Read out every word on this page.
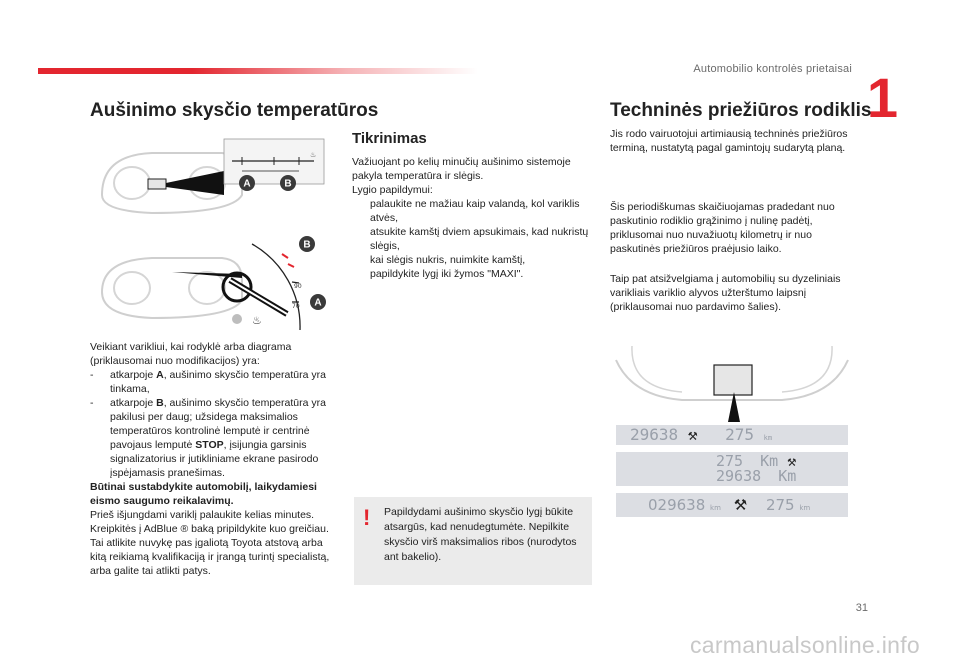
Automobilio kontrolės prietaisai 1
Aušinimo skysčio temperatūros	Techninės priežiūros rodiklis
Tikrinimas
♨
A	B
90
70
♨
B
A
Važiuojant po kelių minučių aušinimo sistemoje pakyla temperatūra ir slėgis.
Lygio papildymui:
palaukite ne mažiau kaip valandą, kol variklis atvės,
atsukite kamštį dviem apsukimais, kad nukristų slėgis,
kai slėgis nukris, nuimkite kamštį,
papildykite lygį iki žymos "MAXI".
Veikiant varikliui, kai rodyklė arba diagrama (priklausomai nuo modifikacijos) yra:
- atkarpoje A, aušinimo skysčio temperatūra yra tinkama,
- atkarpoje B, aušinimo skysčio temperatūra yra pakilusi per daug; užsidega maksimalios temperatūros kontrolinė lemputė ir centrinė pavojaus lemputė STOP, įsijungia garsinis signalizatorius ir jutikliniame ekrane pasirodo įspėjamasis pranešimas.
Būtinai sustabdykite automobilį, laikydamiesi eismo saugumo reikalavimų.
Prieš išjungdami variklį palaukite kelias minutes. Kreipkitės į AdBlue ® baką pripildykite kuo greičiau. Tai atlikite nuvykę pas įgaliotą Toyota atstovą arba kitą reikiamą kvalifikaciją ir įrangą turintį specialistą, arba galite tai atlikti patys.
! Papildydami aušinimo skysčio lygį būkite atsargūs, kad nenudegtumėte. Nepilkite skysčio virš maksimalios ribos (nurodytos ant bakelio).
Jis rodo vairuotojui artimiausią techninės priežiūros terminą, nustatytą pagal gamintojų sudarytą planą.
Šis periodiškumas skaičiuojamas pradedant nuo paskutinio rodiklio grąžinimo į nulinę padėtį, priklusomai nuo nuvažiuotų kilometrų ir nuo paskutinės priežiūros praėjusio laiko.
Taip pat atsižvelgiama į automobilių su dyzeliniais varikliais variklio alyvos užterštumo laipsnį (priklausomai nuo pardavimo šalies).
29638 ⚒ 275 km
275 Km ⚒
29638 Km
029638 km ⚒ 275 km
31
carmanualsonline.info
